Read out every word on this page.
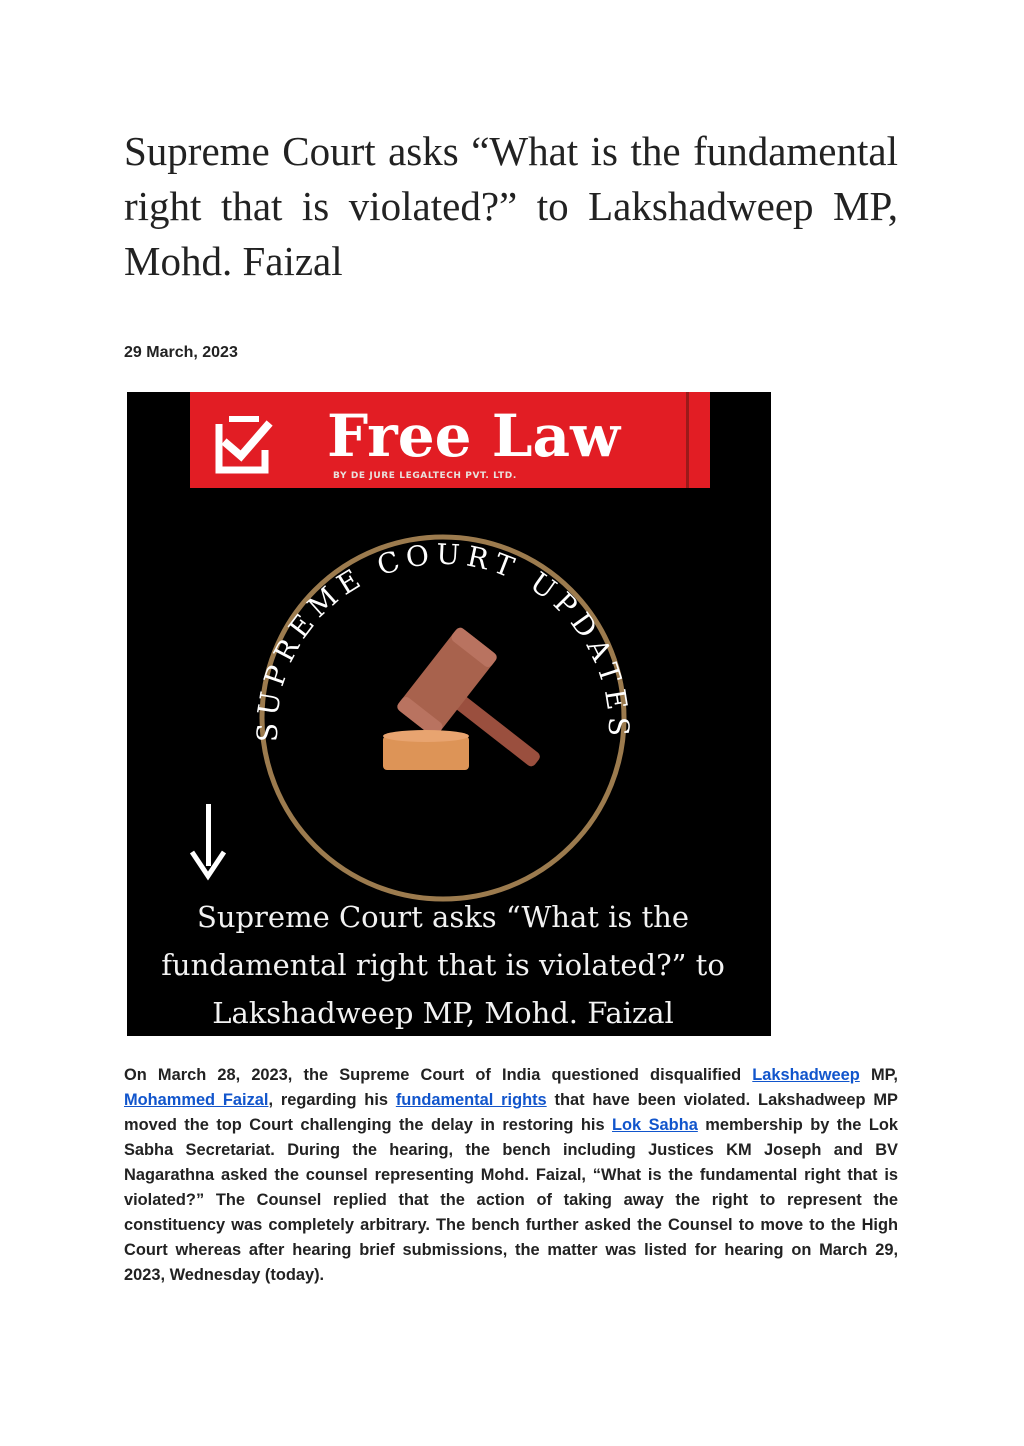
Supreme Court asks “What is the fundamental right that is violated?” to Lakshadweep MP, Mohd. Faizal
29 March, 2023
Free Law
BY DE JURE LEGALTECH PVT. LTD.
SUPREME COURT UPDATES
Supreme Court asks “What is the
fundamental right that is violated?” to
Lakshadweep MP, Mohd. Faizal

On March 28, 2023, the Supreme Court of India questioned disqualified Lakshadweep MP, Mohammed Faizal, regarding his fundamental rights that have been violated. Lakshadweep MP moved the top Court challenging the delay in restoring his Lok Sabha membership by the Lok Sabha Secretariat. During the hearing, the bench including Justices KM Joseph and BV Nagarathna asked the counsel representing Mohd. Faizal, “What is the fundamental right that is violated?” The Counsel replied that the action of taking away the right to represent the constituency was completely arbitrary. The bench further asked the Counsel to move to the High Court whereas after hearing brief submissions, the matter was listed for hearing on March 29, 2023, Wednesday (today).
